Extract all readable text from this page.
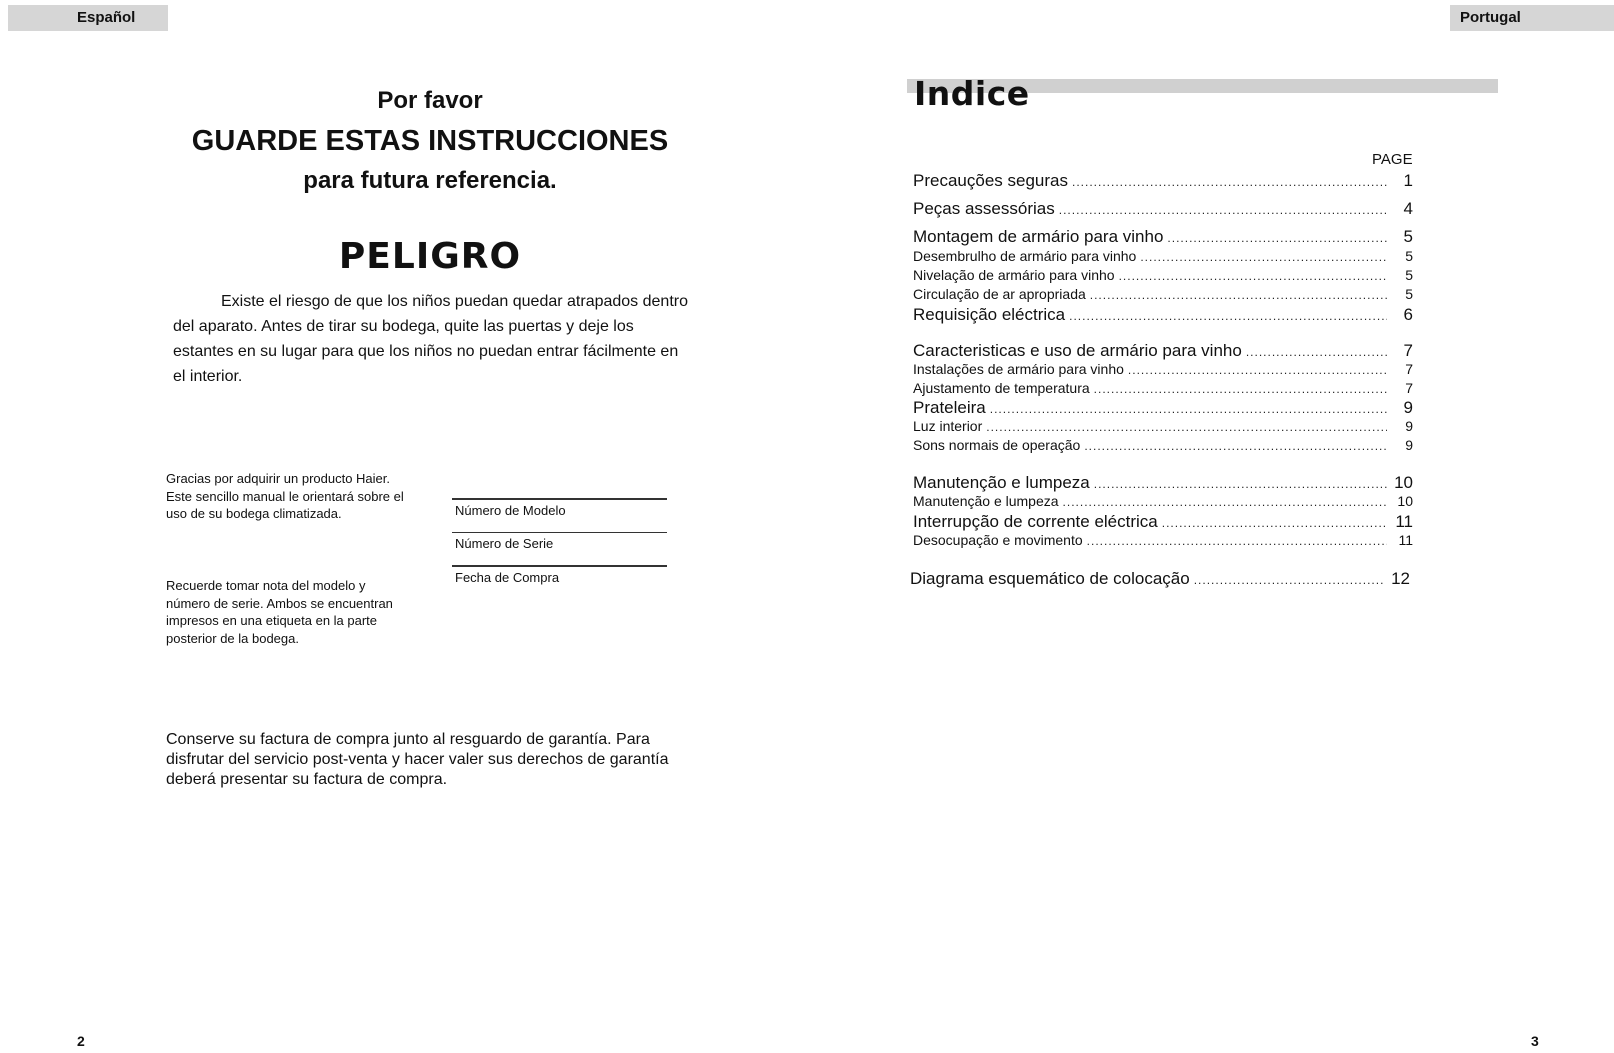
Español	Portugal
Por favor
GUARDE ESTAS INSTRUCCIONES
para futura referencia.
PELIGRO

Existe el riesgo de que los niños puedan quedar atrapados dentro del aparato. Antes de tirar su bodega, quite las puertas y deje los estantes en su lugar para que los niños no puedan entrar fácilmente en el interior.

Gracias por adquirir un producto Haier. Este sencillo manual le orientará sobre el uso de su bodega climatizada.

Recuerde tomar nota del modelo y número de serie. Ambos se encuentran impresos en una etiqueta en la parte posterior de la bodega.

Número de Modelo
Número de Serie
Fecha de Compra

Conserve su factura de compra junto al resguardo de garantía. Para disfrutar del servicio post-venta y hacer valer sus derechos de garantía deberá presentar su factura de compra.

2
Indice
PAGE
Precauções seguras .....	1
Peças assessórias .....	4
Montagem de armário para vinho .....	5
Desembrulho de armário para vinho .....	5
Nivelação de armário para vinho .....	5
Circulação de ar apropriada .....	5
Requisição eléctrica .....	6
Caracteristicas e uso de armário para vinho .....	7
Instalações de armário para vinho .....	7
Ajustamento de temperatura .....	7
Prateleira .....	9
Luz interior .....	9
Sons normais de operação .....	9
Manutenção e lumpeza .....	10
Manutenção e lumpeza .....	10
Interrupção de corrente eléctrica .....	11
Desocupação e movimento .....	11
Diagrama esquemático de colocação .....	12
3
